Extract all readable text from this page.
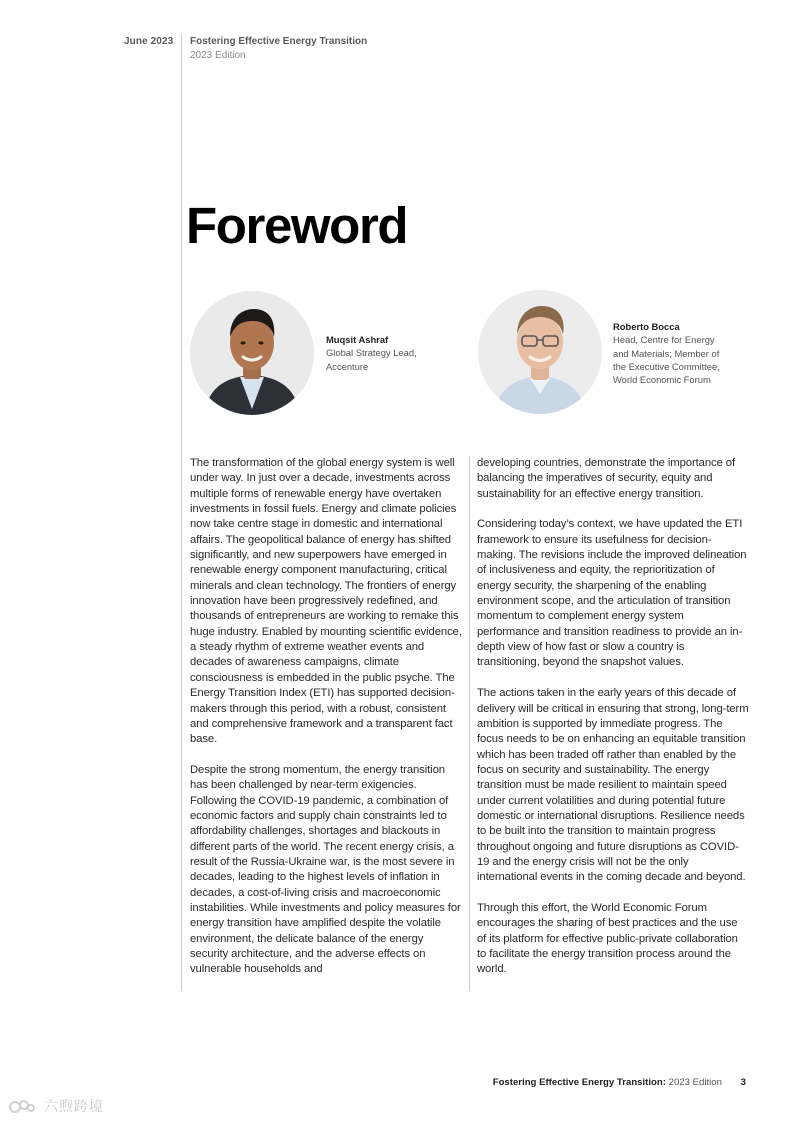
June 2023 Fostering Effective Energy Transition
2023 Edition
Foreword
Muqsit Ashraf
Global Strategy Lead, Accenture
Roberto Bocca
Head, Centre for Energy and Materials; Member of the Executive Committee, World Economic Forum

The transformation of the global energy system is well under way. In just over a decade, investments across multiple forms of renewable energy have overtaken investments in fossil fuels. Energy and climate policies now take centre stage in domestic and international affairs. The geopolitical balance of energy has shifted significantly, and new superpowers have emerged in renewable energy component manufacturing, critical minerals and clean technology. The frontiers of energy innovation have been progressively redefined, and thousands of entrepreneurs are working to remake this huge industry. Enabled by mounting scientific evidence, a steady rhythm of extreme weather events and decades of awareness campaigns, climate consciousness is embedded in the public psyche. The Energy Transition Index (ETI) has supported decision-makers through this period, with a robust, consistent and comprehensive framework and a transparent fact base.

Despite the strong momentum, the energy transition has been challenged by near-term exigencies. Following the COVID-19 pandemic, a combination of economic factors and supply chain constraints led to affordability challenges, shortages and blackouts in different parts of the world. The recent energy crisis, a result of the Russia-Ukraine war, is the most severe in decades, leading to the highest levels of inflation in decades, a cost-of-living crisis and macroeconomic instabilities. While investments and policy measures for energy transition have amplified despite the volatile environment, the delicate balance of the energy security architecture, and the adverse effects on vulnerable households and

developing countries, demonstrate the importance of balancing the imperatives of security, equity and sustainability for an effective energy transition.

Considering today’s context, we have updated the ETI framework to ensure its usefulness for decision-making. The revisions include the improved delineation of inclusiveness and equity, the reprioritization of energy security, the sharpening of the enabling environment scope, and the articulation of transition momentum to complement energy system performance and transition readiness to provide an in-depth view of how fast or slow a country is transitioning, beyond the snapshot values.

The actions taken in the early years of this decade of delivery will be critical in ensuring that strong, long-term ambition is supported by immediate progress. The focus needs to be on enhancing an equitable transition which has been traded off rather than enabled by the focus on security and sustainability. The energy transition must be made resilient to maintain speed under current volatilities and during potential future domestic or international disruptions. Resilience needs to be built into the transition to maintain progress throughout ongoing and future disruptions as COVID-19 and the energy crisis will not be the only international events in the coming decade and beyond.

Through this effort, the World Economic Forum encourages the sharing of best practices and the use of its platform for effective public-private collaboration to facilitate the energy transition process around the world.

Fostering Effective Energy Transition: 2023 Edition 3
六煦跨境
